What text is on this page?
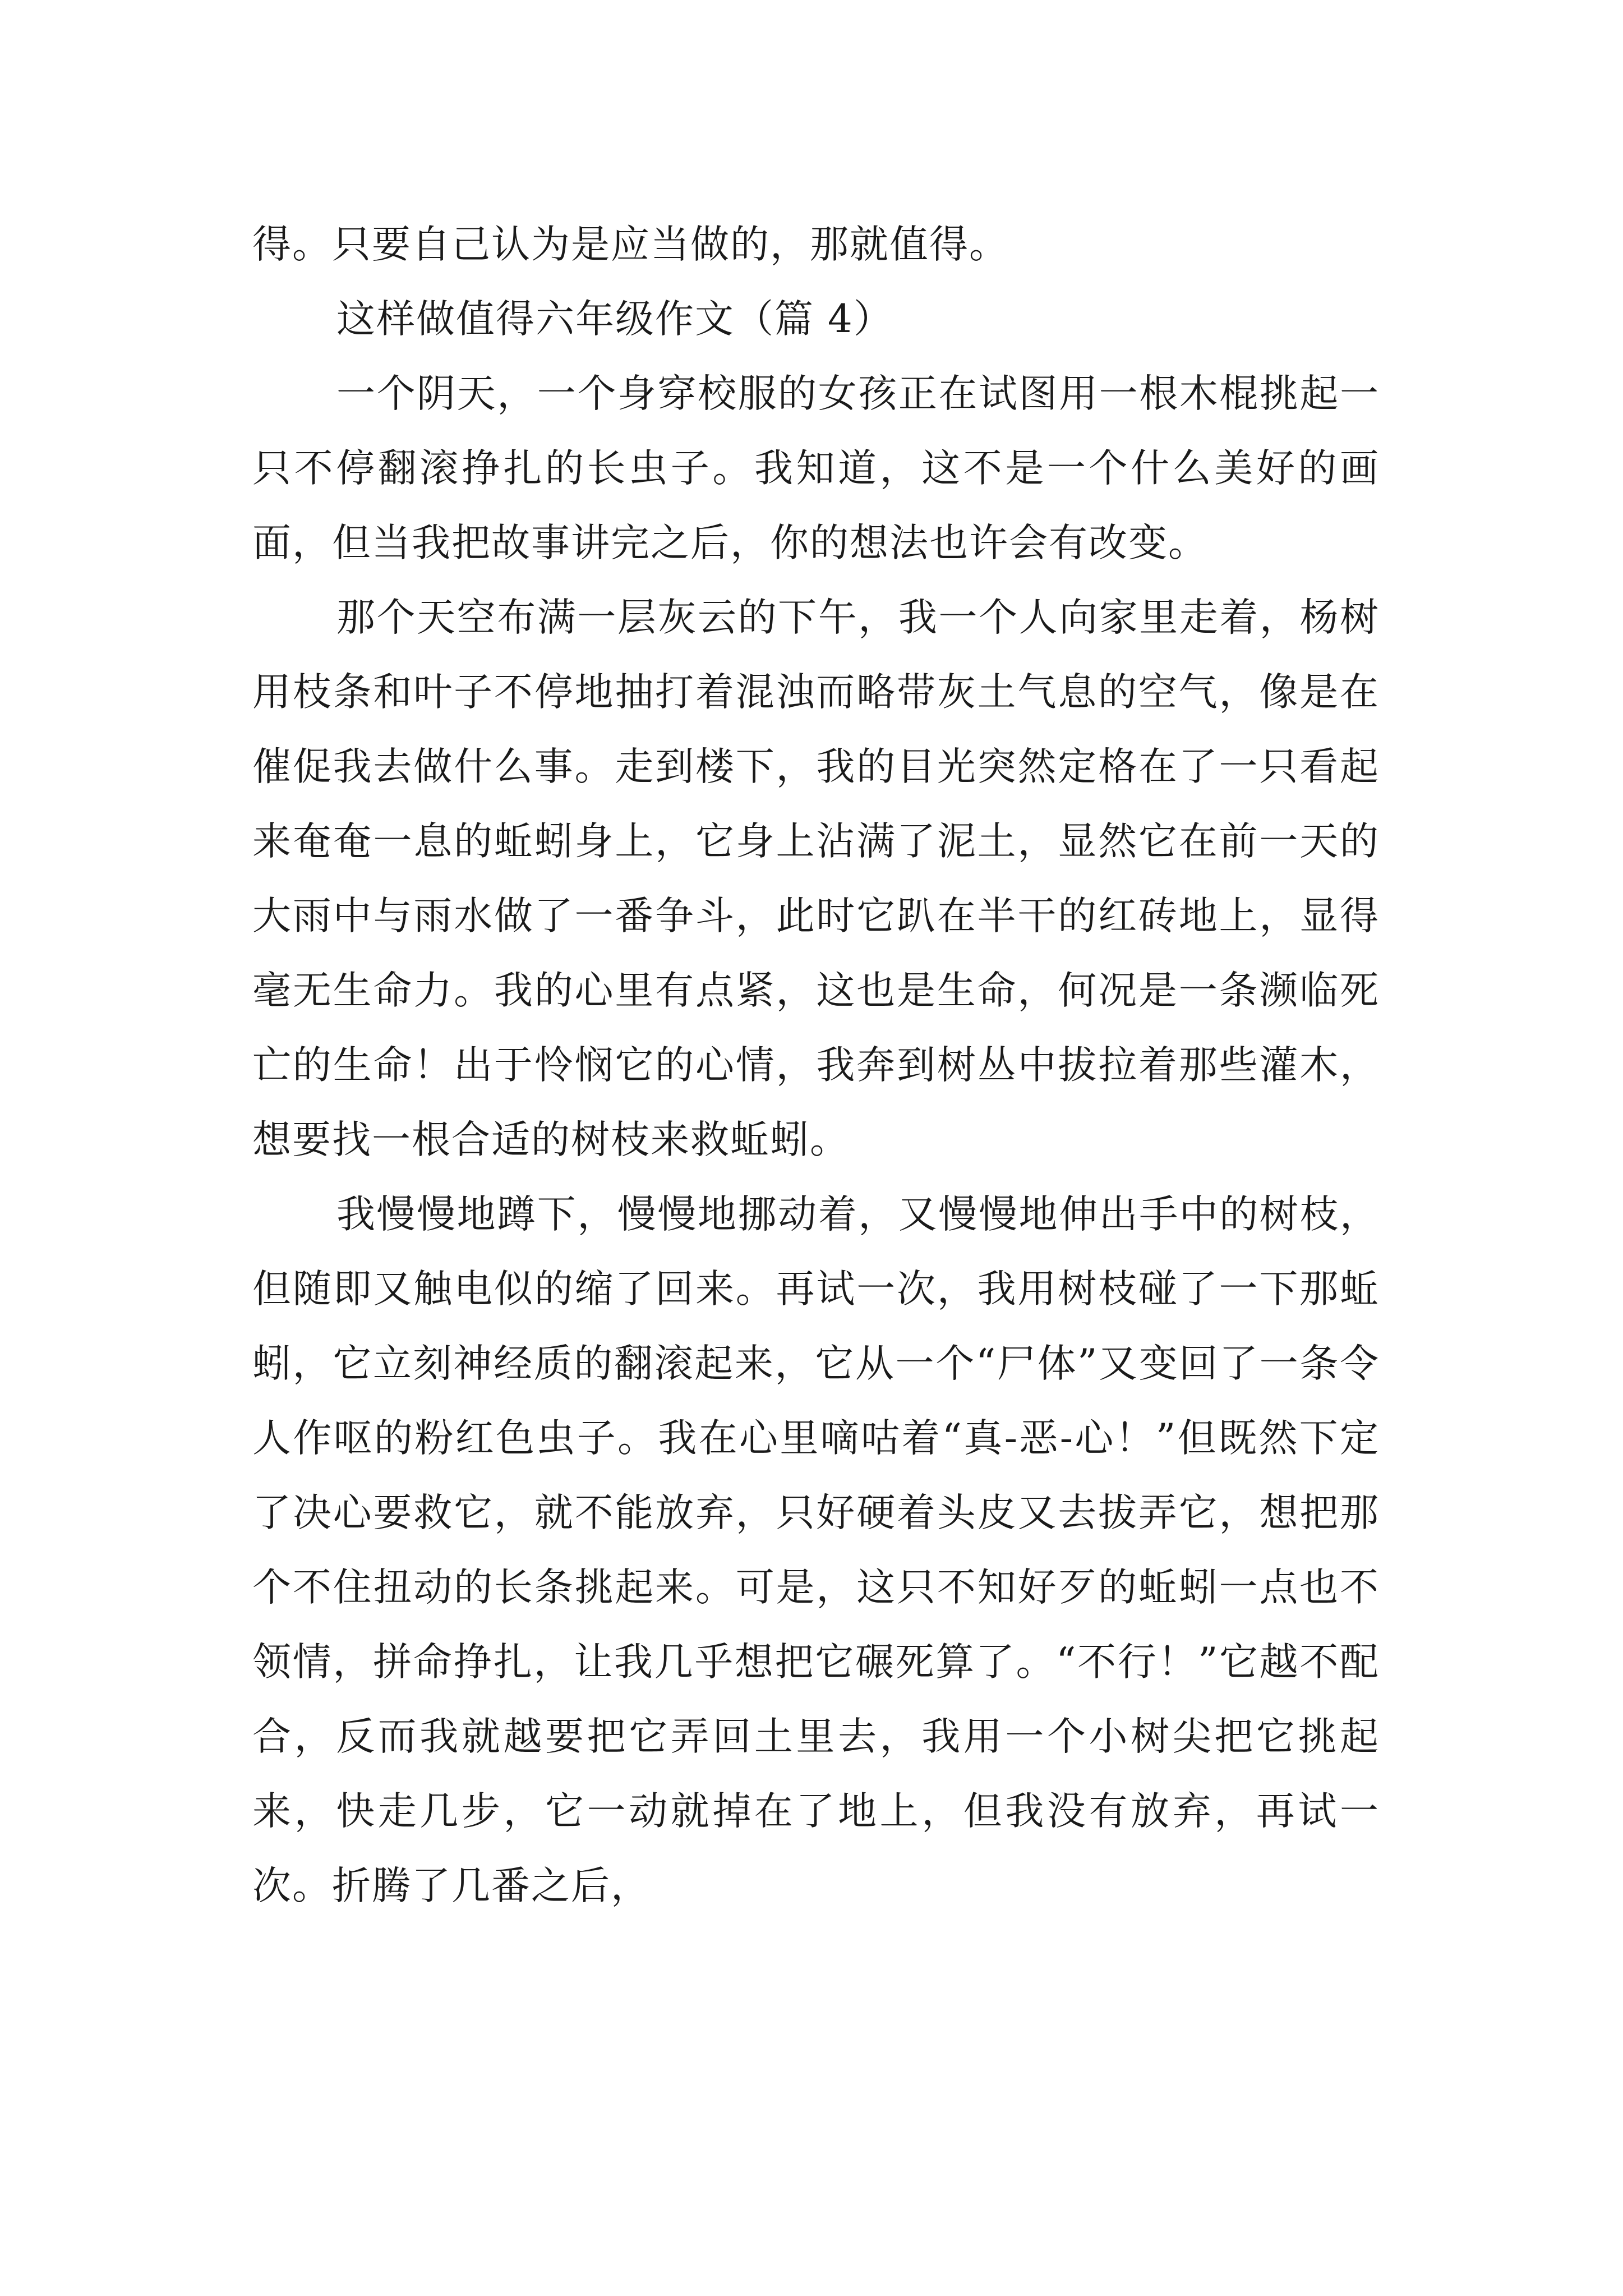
得。只要自己认为是应当做的，那就值得。

这样做值得六年级作文（篇 4）

一个阴天，一个身穿校服的女孩正在试图用一根木棍挑起一只不停翻滚挣扎的长虫子。我知道，这不是一个什么美好的画面，但当我把故事讲完之后，你的想法也许会有改变。

那个天空布满一层灰云的下午，我一个人向家里走着，杨树用枝条和叶子不停地抽打着混浊而略带灰土气息的空气，像是在催促我去做什么事。走到楼下，我的目光突然定格在了一只看起来奄奄一息的蚯蚓身上，它身上沾满了泥土，显然它在前一天的大雨中与雨水做了一番争斗，此时它趴在半干的红砖地上，显得毫无生命力。我的心里有点紧，这也是生命，何况是一条濒临死亡的生命！出于怜悯它的心情，我奔到树丛中拔拉着那些灌木，想要找一根合适的树枝来救蚯蚓。

我慢慢地蹲下，慢慢地挪动着，又慢慢地伸出手中的树枝，但随即又触电似的缩了回来。再试一次，我用树枝碰了一下那蚯蚓，它立刻神经质的翻滚起来，它从一个“尸体”又变回了一条令人作呕的粉红色虫子。我在心里嘀咕着“真-恶-心！”但既然下定了决心要救它，就不能放弃，只好硬着头皮又去拔弄它，想把那个不住扭动的长条挑起来。可是，这只不知好歹的蚯蚓一点也不领情，拼命挣扎，让我几乎想把它碾死算了。“不行！”它越不配合，反而我就越要把它弄回土里去，我用一个小树尖把它挑起来，快走几步，它一动就掉在了地上，但我没有放弃，再试一次。折腾了几番之后，
